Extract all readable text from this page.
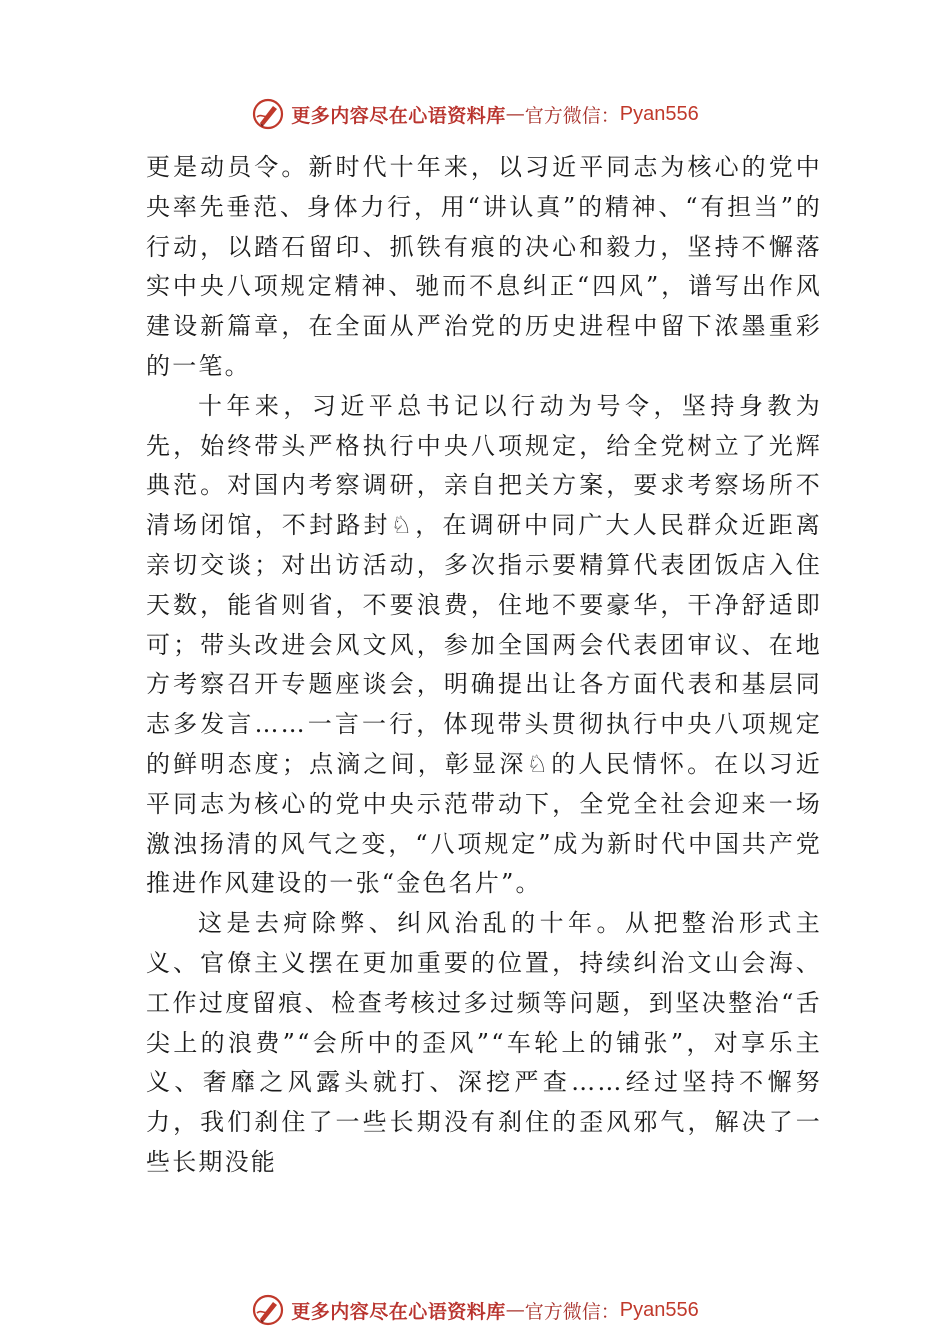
更多内容尽在心语资料库 — 官方微信： Pyan556

更是动员令。新时代十年来，以习近平同志为核心的党中央率先垂范、身体力行，用“讲认真”的精神、“有担当”的行动，以踏石留印、抓铁有痕的决心和毅力，坚持不懈落实中央八项规定精神、驰而不息纠正“四风”，谱写出作风建设新篇章，在全面从严治党的历史进程中留下浓墨重彩的一笔。

十年来，习近平总书记以行动为号令，坚持身教为先，始终带头严格执行中央八项规定，给全党树立了光辉典范。对国内考察调研，亲自把关方案，要求考察场所不清场闭馆，不封路封♘，在调研中同广大人民群众近距离亲切交谈；对出访活动，多次指示要精算代表团饭店入住天数，能省则省，不要浪费，住地不要豪华，干净舒适即可；带头改进会风文风，参加全国两会代表团审议、在地方考察召开专题座谈会，明确提出让各方面代表和基层同志多发言……一言一行，体现带头贯彻执行中央八项规定的鲜明态度；点滴之间，彰显深♘的人民情怀。在以习近平同志为核心的党中央示范带动下，全党全社会迎来一场激浊扬清的风气之变，“八项规定”成为新时代中国共产党推进作风建设的一张“金色名片”。

这是去疴除弊、纠风治乱的十年。从把整治形式主义、官僚主义摆在更加重要的位置，持续纠治文山会海、工作过度留痕、检查考核过多过频等问题，到坚决整治“舌尖上的浪费”“会所中的歪风”“车轮上的铺张”，对享乐主义、奢靡之风露头就打、深挖严查……经过坚持不懈努力，我们刹住了一些长期没有刹住的歪风邪气，解决了一些长期没能

更多内容尽在心语资料库 — 官方微信： Pyan556
